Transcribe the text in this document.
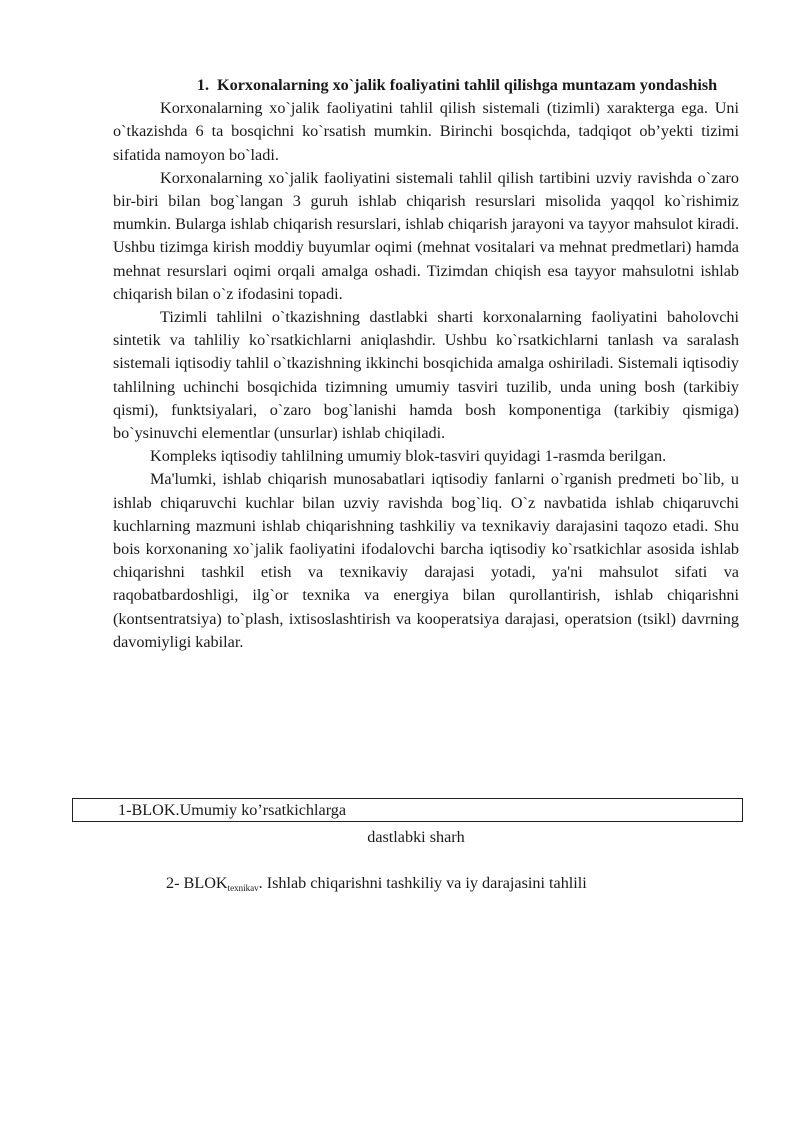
1. Korxonalarning xo`jalik foaliyatini tahlil qilishga muntazam yondashish

Korxonalarning xo`jalik faoliyatini tahlil qilish sistemali (tizimli) xarakterga ega. Uni o`tkazishda 6 ta bosqichni ko`rsatish mumkin. Birinchi bosqichda, tadqiqot ob’yekti tizimi sifatida namoyon bo`ladi.

Korxonalarning xo`jalik faoliyatini sistemali tahlil qilish tartibini uzviy ravishda o`zaro bir-biri bilan bog`langan 3 guruh ishlab chiqarish resurslari misolida yaqqol ko`rishimiz mumkin. Bularga ishlab chiqarish resurslari, ishlab chiqarish jarayoni va tayyor mahsulot kiradi. Ushbu tizimga kirish moddiy buyumlar oqimi (mehnat vositalari va mehnat predmetlari) hamda mehnat resurslari oqimi orqali amalga oshadi. Tizimdan chiqish esa tayyor mahsulotni ishlab chiqarish bilan o`z ifodasini topadi.

Tizimli tahlilni o`tkazishning dastlabki sharti korxonalarning faoliyatini baholovchi sintetik va tahliliy ko`rsatkichlarni aniqlashdir. Ushbu ko`rsatkichlarni tanlash va saralash sistemali iqtisodiy tahlil o`tkazishning ikkinchi bosqichida amalga oshiriladi. Sistemali iqtisodiy tahlilning uchinchi bosqichida tizimning umumiy tasviri tuzilib, unda uning bosh (tarkibiy qismi), funktsiyalari, o`zaro bog`lanishi hamda bosh komponentiga (tarkibiy qismiga) bo`ysinuvchi elementlar (unsurlar) ishlab chiqiladi.

Kompleks iqtisodiy tahlilning umumiy blok-tasviri quyidagi 1-rasmda berilgan.

Ma'lumki, ishlab chiqarish munosabatlari iqtisodiy fanlarni o`rganish predmeti bo`lib, u ishlab chiqaruvchi kuchlar bilan uzviy ravishda bog`liq. O`z navbatida ishlab chiqaruvchi kuchlarning mazmuni ishlab chiqarishning tashkiliy va texnikaviy darajasini taqozo etadi. Shu bois korxonaning xo`jalik faoliyatini ifodalovchi barcha iqtisodiy ko`rsatkichlar asosida ishlab chiqarishni tashkil etish va texnikaviy darajasi yotadi, ya'ni mahsulot sifati va raqobatbardoshligi, ilg`or texnika va energiya bilan qurollantirish, ishlab chiqarishni (kontsentratsiya) to`plash, ixtisoslashtirish va kooperatsiya darajasi, operatsion (tsikl) davrning davomiyligi kabilar.

1-BLOK.Umumiy ko’rsatkichlarga
dastlabki sharh
2- $BLOK_{texnikav}$. Ishlab chiqarishni tashkiliy va iy darajasini tahlili
